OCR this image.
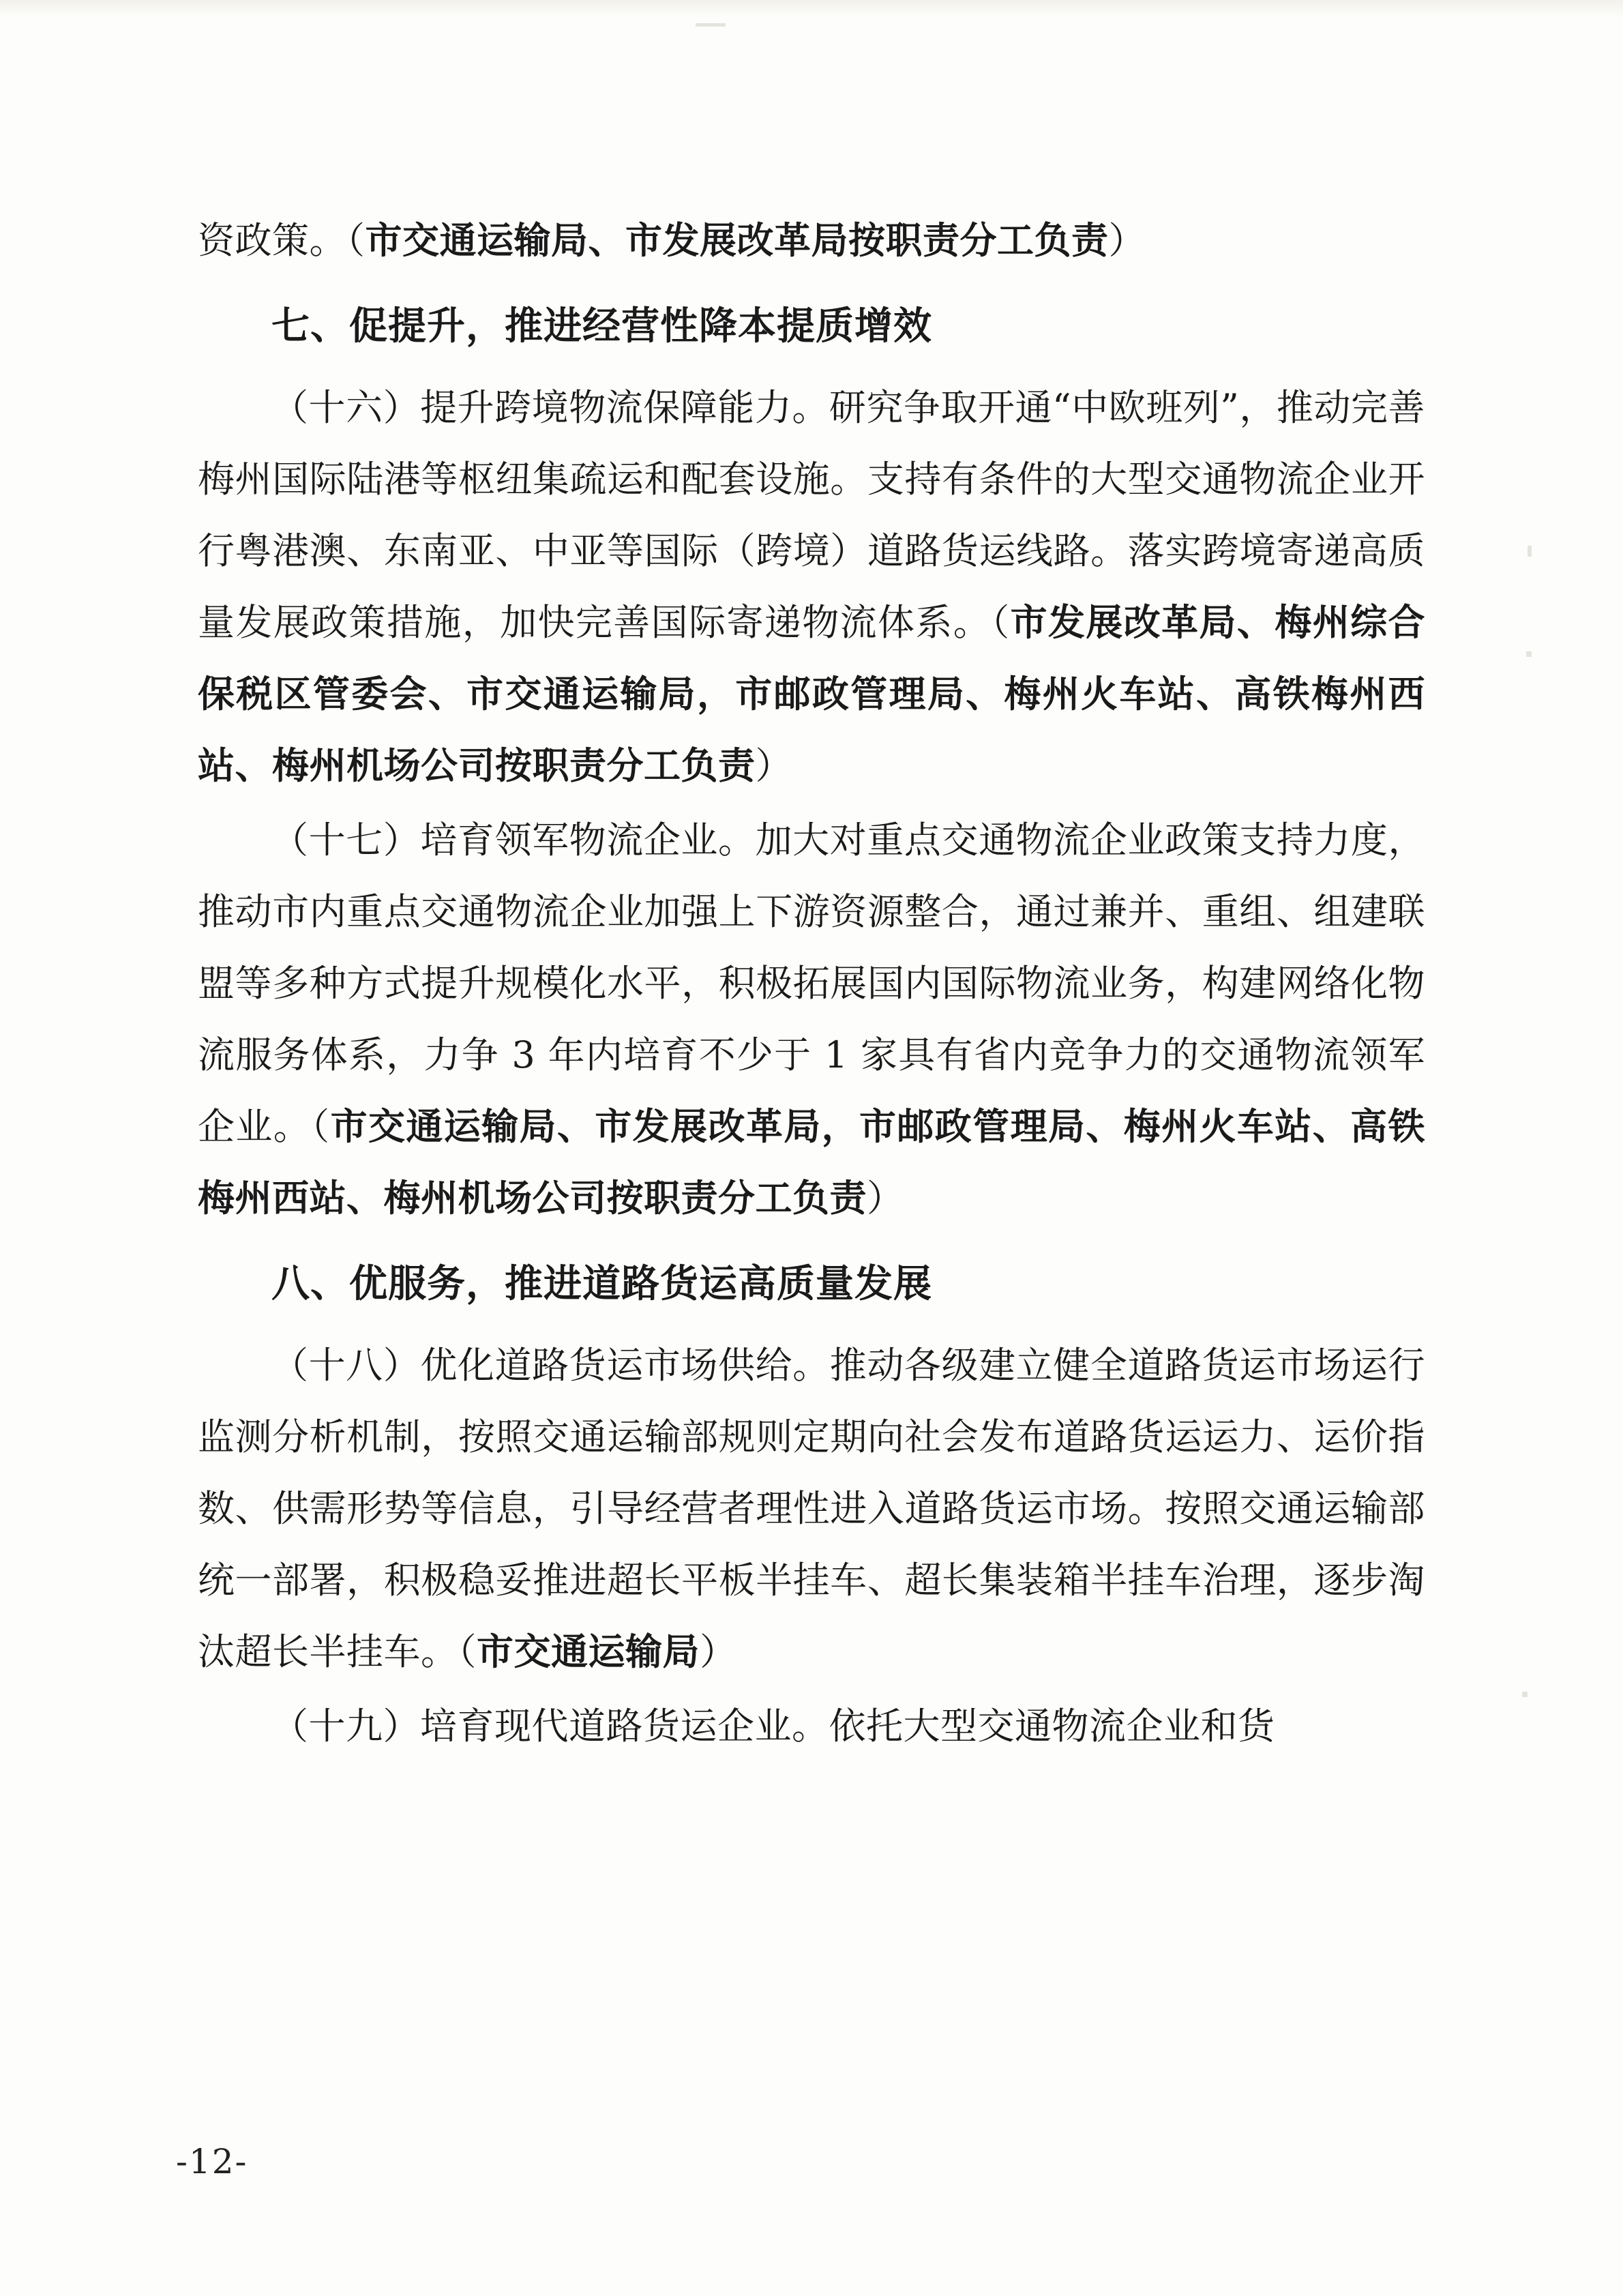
资政策。（市交通运输局、市发展改革局按职责分工负责）

七、促提升，推进经营性降本提质增效

（十六）提升跨境物流保障能力。研究争取开通“中欧班列”，推动完善梅州国际陆港等枢纽集疏运和配套设施。支持有条件的大型交通物流企业开行粤港澳、东南亚、中亚等国际（跨境）道路货运线路。落实跨境寄递高质量发展政策措施，加快完善国际寄递物流体系。（市发展改革局、梅州综合保税区管委会、市交通运输局，市邮政管理局、梅州火车站、高铁梅州西站、梅州机场公司按职责分工负责）

（十七）培育领军物流企业。加大对重点交通物流企业政策支持力度，推动市内重点交通物流企业加强上下游资源整合，通过兼并、重组、组建联盟等多种方式提升规模化水平，积极拓展国内国际物流业务，构建网络化物流服务体系，力争 3 年内培育不少于 1 家具有省内竞争力的交通物流领军企业。（市交通运输局、市发展改革局，市邮政管理局、梅州火车站、高铁梅州西站、梅州机场公司按职责分工负责）

八、优服务，推进道路货运高质量发展

（十八）优化道路货运市场供给。推动各级建立健全道路货运市场运行监测分析机制，按照交通运输部规则定期向社会发布道路货运运力、运价指数、供需形势等信息，引导经营者理性进入道路货运市场。按照交通运输部统一部署，积极稳妥推进超长平板半挂车、超长集装箱半挂车治理，逐步淘汰超长半挂车。（市交通运输局）

（十九）培育现代道路货运企业。依托大型交通物流企业和货

-12-
